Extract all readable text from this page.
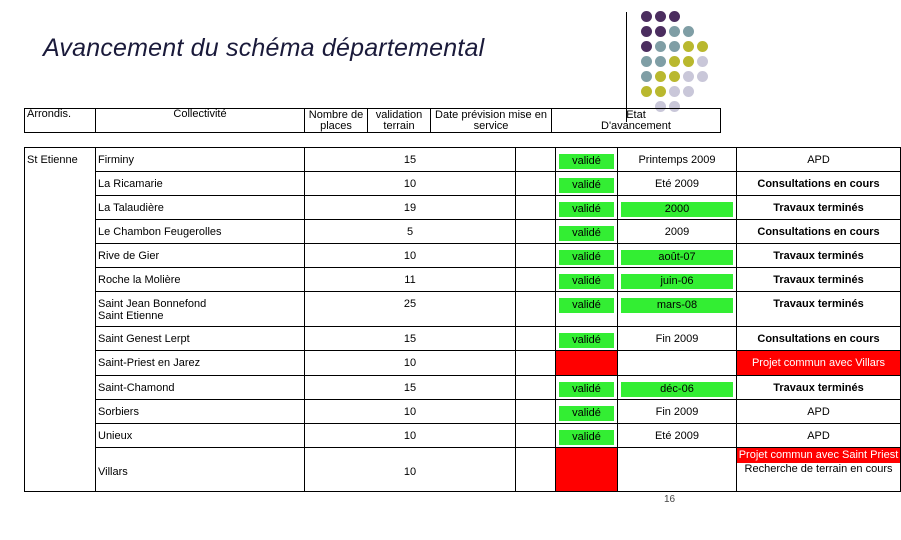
Avancement du schéma départemental
Arrondis.	Collectivité	Nombre de places	validation terrain	Date prévision mise en service	Etat
D'avancement
St Etienne	Firminy	15		validé	Printemps 2009	APD

	La Ricamarie	10		validé	Eté 2009	Consultations en cours

	La Talaudière	19		validé	2000	Travaux terminés

	Le Chambon Feugerolles	5		validé	2009	Consultations en cours

	Rive de Gier	10		validé	août-07	Travaux terminés

	Roche la Molière	11		validé	juin-06	Travaux terminés

	Saint Jean Bonnefond
Saint Etienne	25		validé	mars-08	Travaux terminés

	Saint Genest Lerpt	15		validé	Fin 2009	Consultations en cours

	Saint-Priest en Jarez	10				Projet commun avec Villars

	Saint-Chamond	15		validé	déc-06	Travaux terminés

	Sorbiers	10		validé	Fin 2009	APD

	Unieux	10		validé	Eté 2009	APD

	Villars	10				Projet commun avec Saint Priest
Recherche de terrain en cours
16
